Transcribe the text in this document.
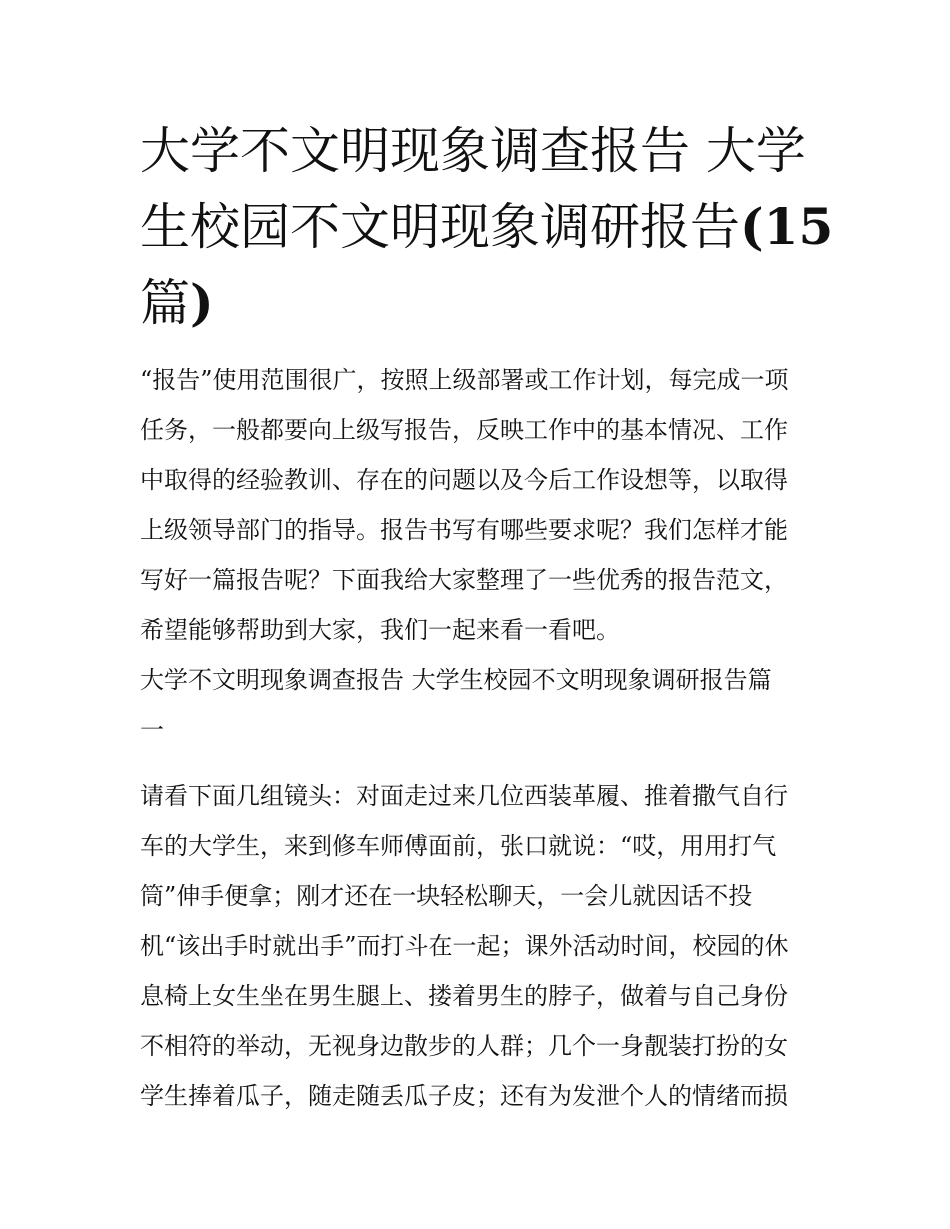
大学不文明现象调查报告 大学
生校园不文明现象调研报告(15
篇)
“报告”使用范围很广，按照上级部署或工作计划，每完成一项
任务，一般都要向上级写报告，反映工作中的基本情况、工作
中取得的经验教训、存在的问题以及今后工作设想等，以取得
上级领导部门的指导。报告书写有哪些要求呢？我们怎样才能
写好一篇报告呢？下面我给大家整理了一些优秀的报告范文，
希望能够帮助到大家，我们一起来看一看吧。
大学不文明现象调查报告 大学生校园不文明现象调研报告篇
一
请看下面几组镜头：对面走过来几位西装革履、推着撒气自行
车的大学生，来到修车师傅面前，张口就说：“哎，用用打气
筒”伸手便拿；刚才还在一块轻松聊天，一会儿就因话不投
机“该出手时就出手”而打斗在一起；课外活动时间，校园的休
息椅上女生坐在男生腿上、搂着男生的脖子，做着与自己身份
不相符的举动，无视身边散步的人群；几个一身靓装打扮的女
学生捧着瓜子，随走随丢瓜子皮；还有为发泄个人的情绪而损
